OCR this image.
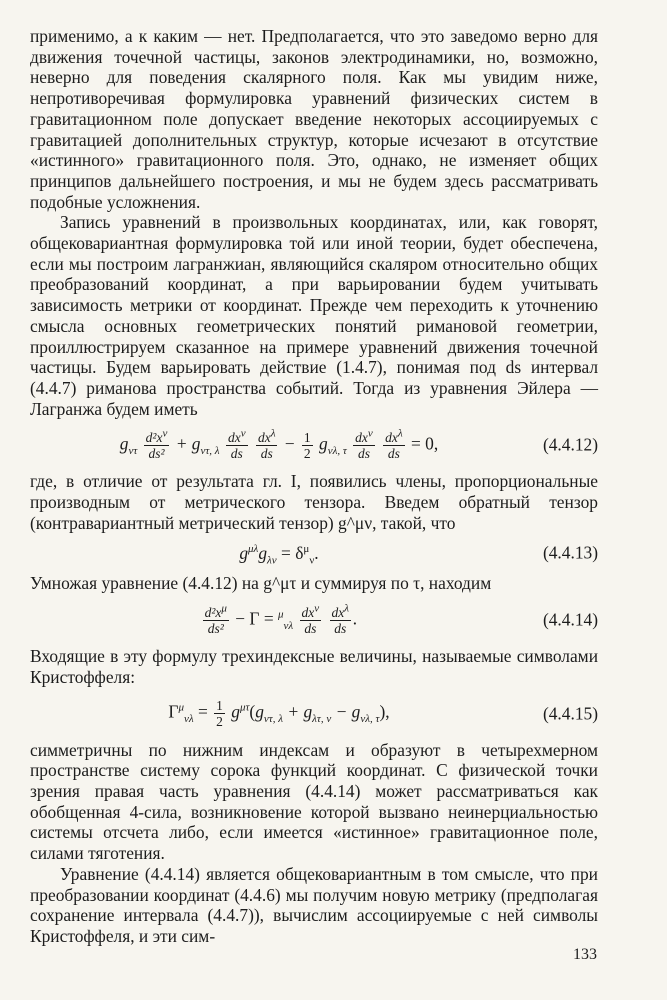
применимо, а к каким — нет. Предполагается, что это заведомо верно для движения точечной частицы, законов электродинамики, но, возможно, неверно для поведения скалярного поля. Как мы увидим ниже, непротиворечивая формулировка уравнений физических систем в гравитационном поле допускает введение некоторых ассоциируемых с гравитацией дополнительных структур, которые исчезают в отсутствие «истинного» гравитационного поля. Это, однако, не изменяет общих принципов дальнейшего построения, и мы не будем здесь рассматривать подобные усложнения.

Запись уравнений в произвольных координатах, или, как говорят, общековариантная формулировка той или иной теории, будет обеспечена, если мы построим лагранжиан, являющийся скаляром относительно общих преобразований координат, а при варьировании будем учитывать зависимость метрики от координат. Прежде чем переходить к уточнению смысла основных геометрических понятий римановой геометрии, проиллюстрируем сказанное на примере уравнений движения точечной частицы. Будем варьировать действие (1.4.7), понимая под ds интервал (4.4.7) риманова пространства событий. Тогда из уравнения Эйлера — Лагранжа будем иметь

$g_{\nu\tau} \frac{d^2x^\nu}{\text{ds²}} + g_{\nu\tau, \lambda} \frac{dx^\nu}{ds}$
$\frac{dx^\lambda}{ds} - \frac{1}{2} g_{\nu\lambda, \tau} \frac{dx^\nu}{ds}$
$\frac{dx^\lambda}{ds} = 0$,	(4.4.12)

где, в отличие от результата гл. I, появились члены, пропорциональные производным от метрического тензора. Введем обратный тензор (контравариантный метрический тензор) g^μν, такой, что

$g^{\mu\lambda}g_{\lambda\nu} = \delta^\mu_\nu$.	(4.4.13)

Умножая уравнение (4.4.12) на g^μτ и суммируя по τ, находим

$\frac{d^2x^\mu}{\text{ds²}} - \Gamma = ^\mu_{\nu\lambda} \frac{dx^\nu}{ds}$
$\frac{dx^\lambda}{ds}$ .	(4.4.14)

Входящие в эту формулу трехиндексные величины, называемые символами Кристоффеля:

$\Gamma^\mu_{\nu\lambda} = \frac{1}{2} g^{\mu\tau}(g_{\nu\tau, \lambda} + g_{\lambda\tau, \nu} - g_{\nu\lambda, \tau})$,	(4.4.15)

симметричны по нижним индексам и образуют в четырехмерном пространстве систему сорока функций координат. С физической точки зрения правая часть уравнения (4.4.14) может рассматриваться как обобщенная 4-сила, возникновение которой вызвано неинерциальностью системы отсчета либо, если имеется «истинное» гравитационное поле, силами тяготения.

Уравнение (4.4.14) является общековариантным в том смысле, что при преобразовании координат (4.4.6) мы получим новую метрику (предполагая сохранение интервала (4.4.7)), вычислим ассоциируемые с ней символы Кристоффеля, и эти сим-

133
